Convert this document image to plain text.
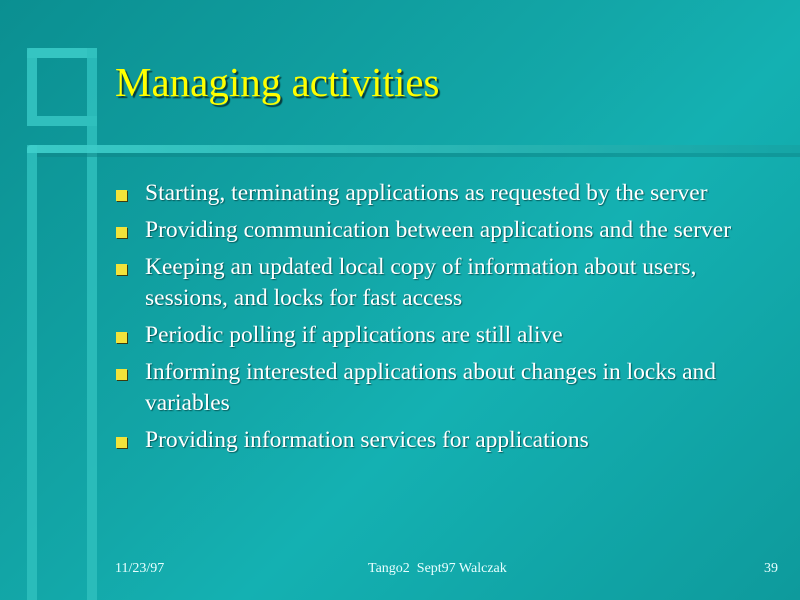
Managing activities
Starting, terminating applications as requested by the server
Providing communication between applications and the server
Keeping an updated local copy of information about users, sessions, and locks for fast access
Periodic polling if applications are still alive
Informing interested applications about changes in locks and variables
Providing information services for applications
11/23/97	Tango2  Sept97 Walczak	39
